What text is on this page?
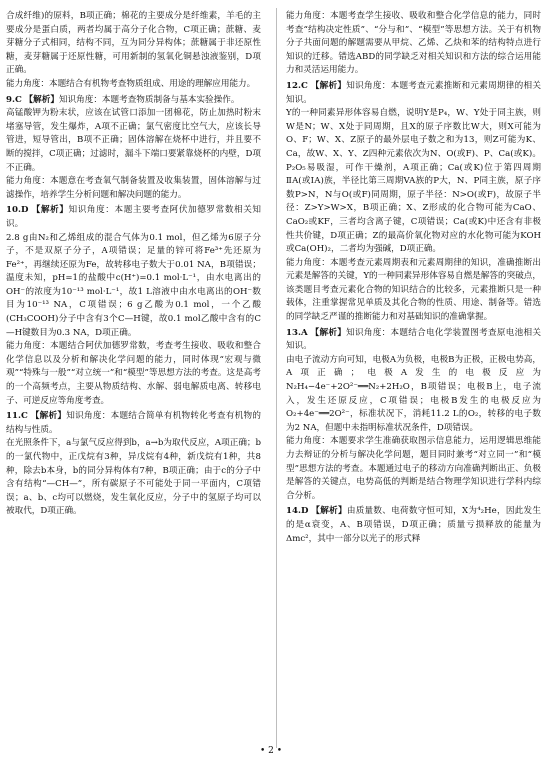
合成纤维)的原料，B项正确；棉花的主要成分是纤维素，羊毛的主要成分是蛋白质，两者均属于高分子化合物，C项正确；蔗糖、麦芽糖分子式相同，结构不同，互为同分异构体；蔗糖属于非还原性糖，麦芽糖属于还原性糖，可用新制的氢氧化铜悬浊液鉴别，D项正确。

能力角度：本题结合有机物考查物质组成、用途的理解应用能力。

9.C 【解析】知识角度：本题考查物质制备与基本实验操作。

高锰酸钾为粉末状，应该在试管口添加一团棉花，防止加热时粉末堵塞导管，发生爆炸，A项不正确；氯气密度比空气大，应该长导管进，短导管出，B项不正确；固体溶解在烧杯中进行，并且要不断的搅拌，C项正确；过滤时，漏斗下端口要紧靠烧杯的内壁，D项不正确。

能力角度：本题意在考查氧气制备装置及收集装置，固体溶解与过滤操作，培养学生分析问题和解决问题的能力。

10.D 【解析】知识角度：本题主要考查阿伏加德罗常数相关知识。

2.8 g由N₂和乙烯组成的混合气体为0.1 mol，但乙烯为6原子分子，不是双原子分子，A项错误；足量的锌可将Fe³⁺先还原为Fe²⁺，再继续还原为Fe，故转移电子数大于0.01 NA，B项错误；温度未知，pH=1的盐酸中c(H⁺)=0.1 mol·L⁻¹，由水电离出的OH⁻的浓度为10⁻¹³ mol·L⁻¹，故1 L溶液中由水电离出的OH⁻数目为10⁻¹³ NA，C项错误；6 g乙酸为0.1 mol，一个乙酸(CH₃COOH)分子中含有3个C—H键，故0.1 mol乙酸中含有的C—H键数目为0.3 NA，D项正确。

能力角度：本题结合阿伏加德罗常数，考查考生接收、吸收和整合化学信息以及分析和解决化学问题的能力，同时体现“宏观与微观”“特殊与一般”“对立统一”和“模型”等思想方法的考查。这是高考的一个高频考点，主要从物质结构、水解、弱电解质电离、转移电子、可逆反应等角度考查。

11.C 【解析】知识角度：本题结合简单有机物转化考查有机物的结构与性质。

在光照条件下，a与氯气反应得到b，a→b为取代反应，A项正确；b的一氯代物中，正戊烷有3种，异戊烷有4种，新戊烷有1种，共8种，除去b本身，b的同分异构体有7种，B项正确；由于c的分子中含有结构“—CH—”，所有碳原子不可能处于同一平面内，C项错误；a、b、c均可以燃烧，发生氧化反应，分子中的氢原子均可以被取代，D项正确。

能力角度：本题考查学生接收、吸收和整合化学信息的能力，同时考查“结构决定性质”、“分与和”、“模型”等思想方法。关于有机物分子共面问题的解题需要从甲烷、乙烯、乙炔和苯的结构特点进行知识的迁移。错选ABD的同学缺乏对相关知识和方法的综合运用能力和灵活运用能力。

12.C 【解析】知识角度：本题考查元素推断和元素周期律的相关知识。

Y的一种同素异形体容易自燃，说明Y是P₄，W、Y处于同主族，则W是N；W、X处于同周期，且X的原子序数比W大，则X可能为O、F；W、X、Z原子的最外层电子数之和为13，则Z可能为K、Ca，故W、X、Y、Z四种元素依次为N、O(或F)、P、Ca(或K)。P₂O₅易吸湿，可作干燥剂，A项正确；Ca(或K)位于第四周期ⅡA(或ⅠA)族，半径比第三周期VA族的P大，N、P同主族，原子序数P>N，N与O(或F)同周期，原子半径：N>O(或F)，故原子半径：Z>Y>W>X，B项正确；X、Z形成的化合物可能为CaO、CaO₂或KF，三者均含离子键，C项错误；Ca(或K)中还含有非极性共价键，D项正确；Z的最高价氧化物对应的水化物可能为KOH或Ca(OH)₂，二者均为强碱，D项正确。

能力角度：本题考查元素周期表和元素周期律的知识，准确推断出元素是解答的关键，Y的一种同素异形体容易自燃是解答的突破点，该类题目考查元素化合物的知识结合的比较多，元素推断只是一种载体，注重掌握常见单质及其化合物的性质、用途、制备等。错选的同学缺乏严谨的推断能力和对基础知识的准确掌握。

13.A 【解析】知识角度：本题结合电化学装置图考查原电池相关知识。

由电子流动方向可知，电极A为负极，电极B为正极，正极电势高，A项正确；电极A发生的电极反应为N₂H₄−4e⁻+2O²⁻══N₂+2H₂O，B项错误；电极B上，电子流入，发生还原反应，C项错误；电极B发生的电极反应为O₂+4e⁻══2O²⁻，标准状况下，消耗11.2 L的O₂，转移的电子数为2 NA，但题中未指明标准状况条件，D项错误。

能力角度：本题要求学生准确获取图示信息能力，运用逻辑思维能力去辩证的分析与解决化学问题，题目同时兼考“对立同一”和“模型”思想方法的考查。本题通过电子的移动方向准确判断出正、负极是解答的关键点，电势高低的判断是结合物理学知识进行学科内综合分析。

14.D 【解析】由质量数、电荷数守恒可知，X为⁴₂He，因此发生的是α衰变，A、B项错误，D项正确；质量亏损释放的能量为Δmc²，其中一部分以光子的形式释

• 2 •
